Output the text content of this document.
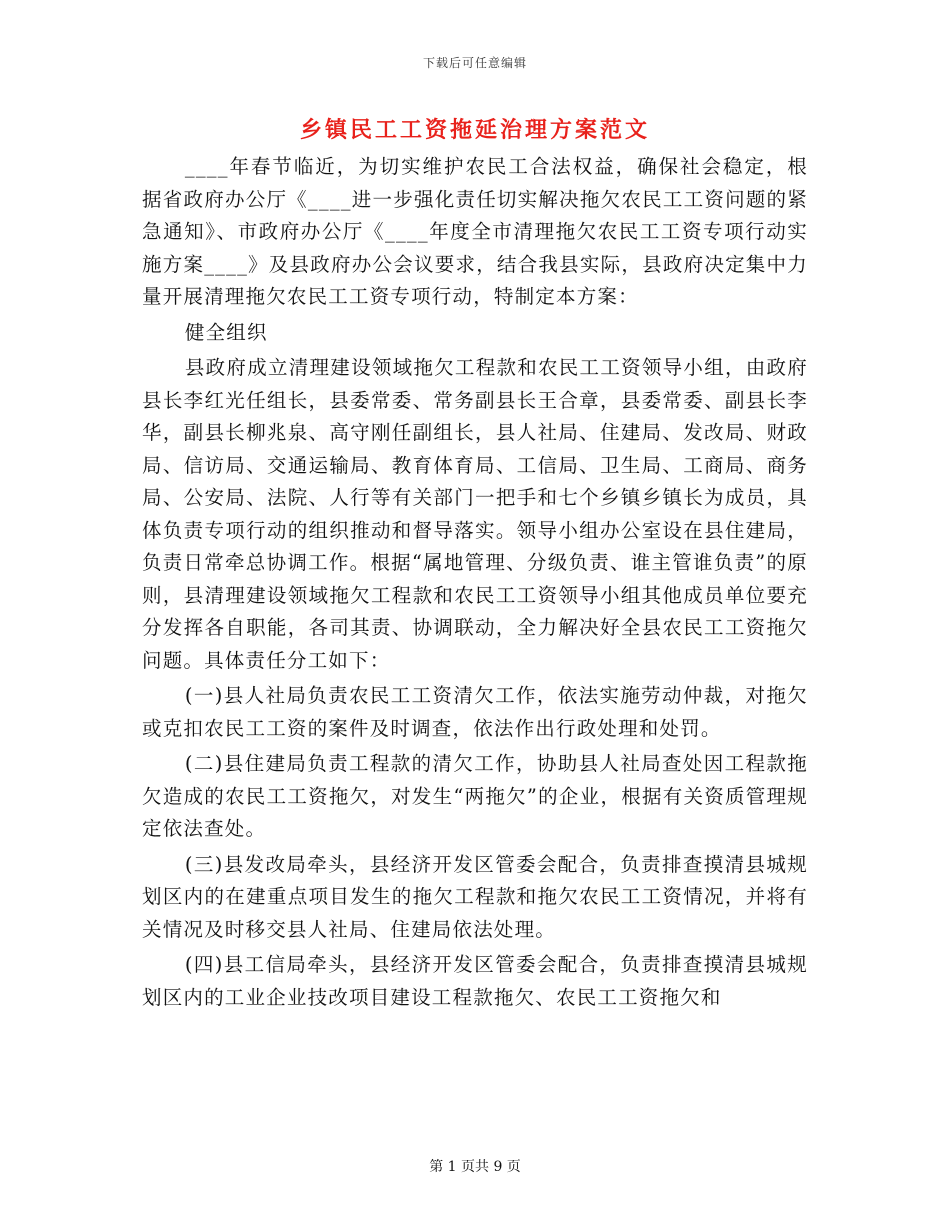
下载后可任意编辑
乡镇民工工资拖延治理方案范文

____年春节临近，为切实维护农民工合法权益，确保社会稳定，根据省政府办公厅《____进一步强化责任切实解决拖欠农民工工资问题的紧急通知》、市政府办公厅《____年度全市清理拖欠农民工工资专项行动实施方案____》及县政府办公会议要求，结合我县实际，县政府决定集中力量开展清理拖欠农民工工资专项行动，特制定本方案：

健全组织

县政府成立清理建设领域拖欠工程款和农民工工资领导小组，由政府县长李红光任组长，县委常委、常务副县长王合章，县委常委、副县长李华，副县长柳兆泉、高守刚任副组长，县人社局、住建局、发改局、财政局、信访局、交通运输局、教育体育局、工信局、卫生局、工商局、商务局、公安局、法院、人行等有关部门一把手和七个乡镇乡镇长为成员，具体负责专项行动的组织推动和督导落实。领导小组办公室设在县住建局，负责日常牵总协调工作。根据“属地管理、分级负责、谁主管谁负责”的原则，县清理建设领域拖欠工程款和农民工工资领导小组其他成员单位要充分发挥各自职能，各司其责、协调联动，全力解决好全县农民工工资拖欠问题。具体责任分工如下：

(一)县人社局负责农民工工资清欠工作，依法实施劳动仲裁，对拖欠或克扣农民工工资的案件及时调查，依法作出行政处理和处罚。

(二)县住建局负责工程款的清欠工作，协助县人社局查处因工程款拖欠造成的农民工工资拖欠，对发生“两拖欠”的企业，根据有关资质管理规定依法查处。

(三)县发改局牵头，县经济开发区管委会配合，负责排查摸清县城规划区内的在建重点项目发生的拖欠工程款和拖欠农民工工资情况，并将有关情况及时移交县人社局、住建局依法处理。

(四)县工信局牵头，县经济开发区管委会配合，负责排查摸清县城规划区内的工业企业技改项目建设工程款拖欠、农民工工资拖欠和

第 1 页共 9 页
